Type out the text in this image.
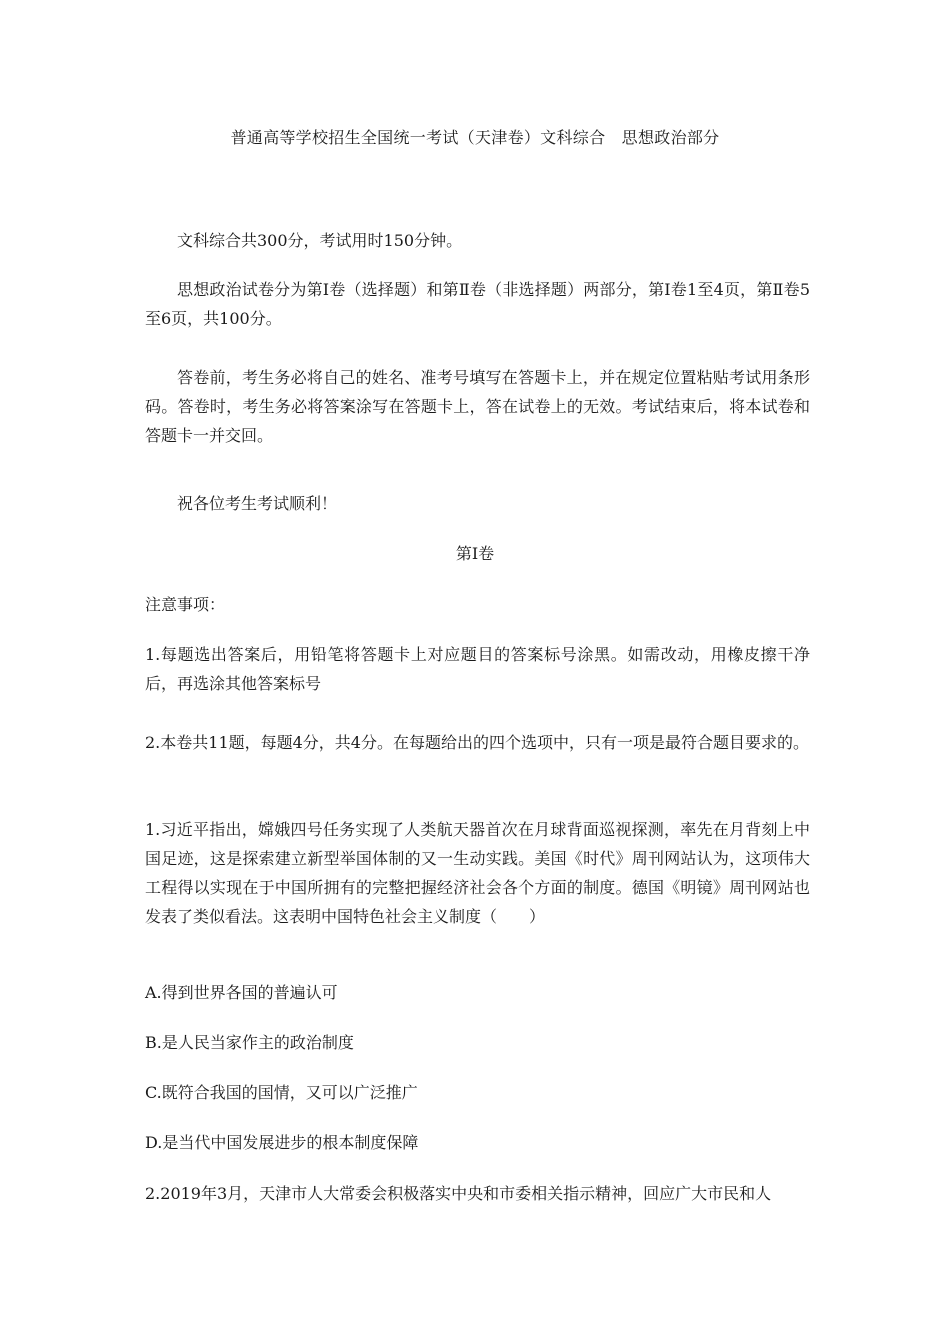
普通高等学校招生全国统一考试（天津卷）文科综合　思想政治部分
文科综合共300分，考试用时150分钟。
思想政治试卷分为第Ⅰ卷（选择题）和第Ⅱ卷（非选择题）两部分，第Ⅰ卷1至4页，第Ⅱ卷5至6页，共100分。
答卷前，考生务必将自己的姓名、准考号填写在答题卡上，并在规定位置粘贴考试用条形码。答卷时，考生务必将答案涂写在答题卡上，答在试卷上的无效。考试结束后，将本试卷和答题卡一并交回。
祝各位考生考试顺利！
第Ⅰ卷
注意事项：
1.每题选出答案后，用铅笔将答题卡上对应题目的答案标号涂黑。如需改动，用橡皮擦干净后，再选涂其他答案标号
2.本卷共11题，每题4分，共4分。在每题给出的四个选项中，只有一项是最符合题目要求的。
1.习近平指出，嫦娥四号任务实现了人类航天器首次在月球背面巡视探测，率先在月背刻上中国足迹，这是探索建立新型举国体制的又一生动实践。美国《时代》周刊网站认为，这项伟大工程得以实现在于中国所拥有的完整把握经济社会各个方面的制度。德国《明镜》周刊网站也发表了类似看法。这表明中国特色社会主义制度（　　）
A.得到世界各国的普遍认可
B.是人民当家作主的政治制度
C.既符合我国的国情，又可以广泛推广
D.是当代中国发展进步的根本制度保障
2.2019年3月，天津市人大常委会积极落实中央和市委相关指示精神，回应广大市民和人
